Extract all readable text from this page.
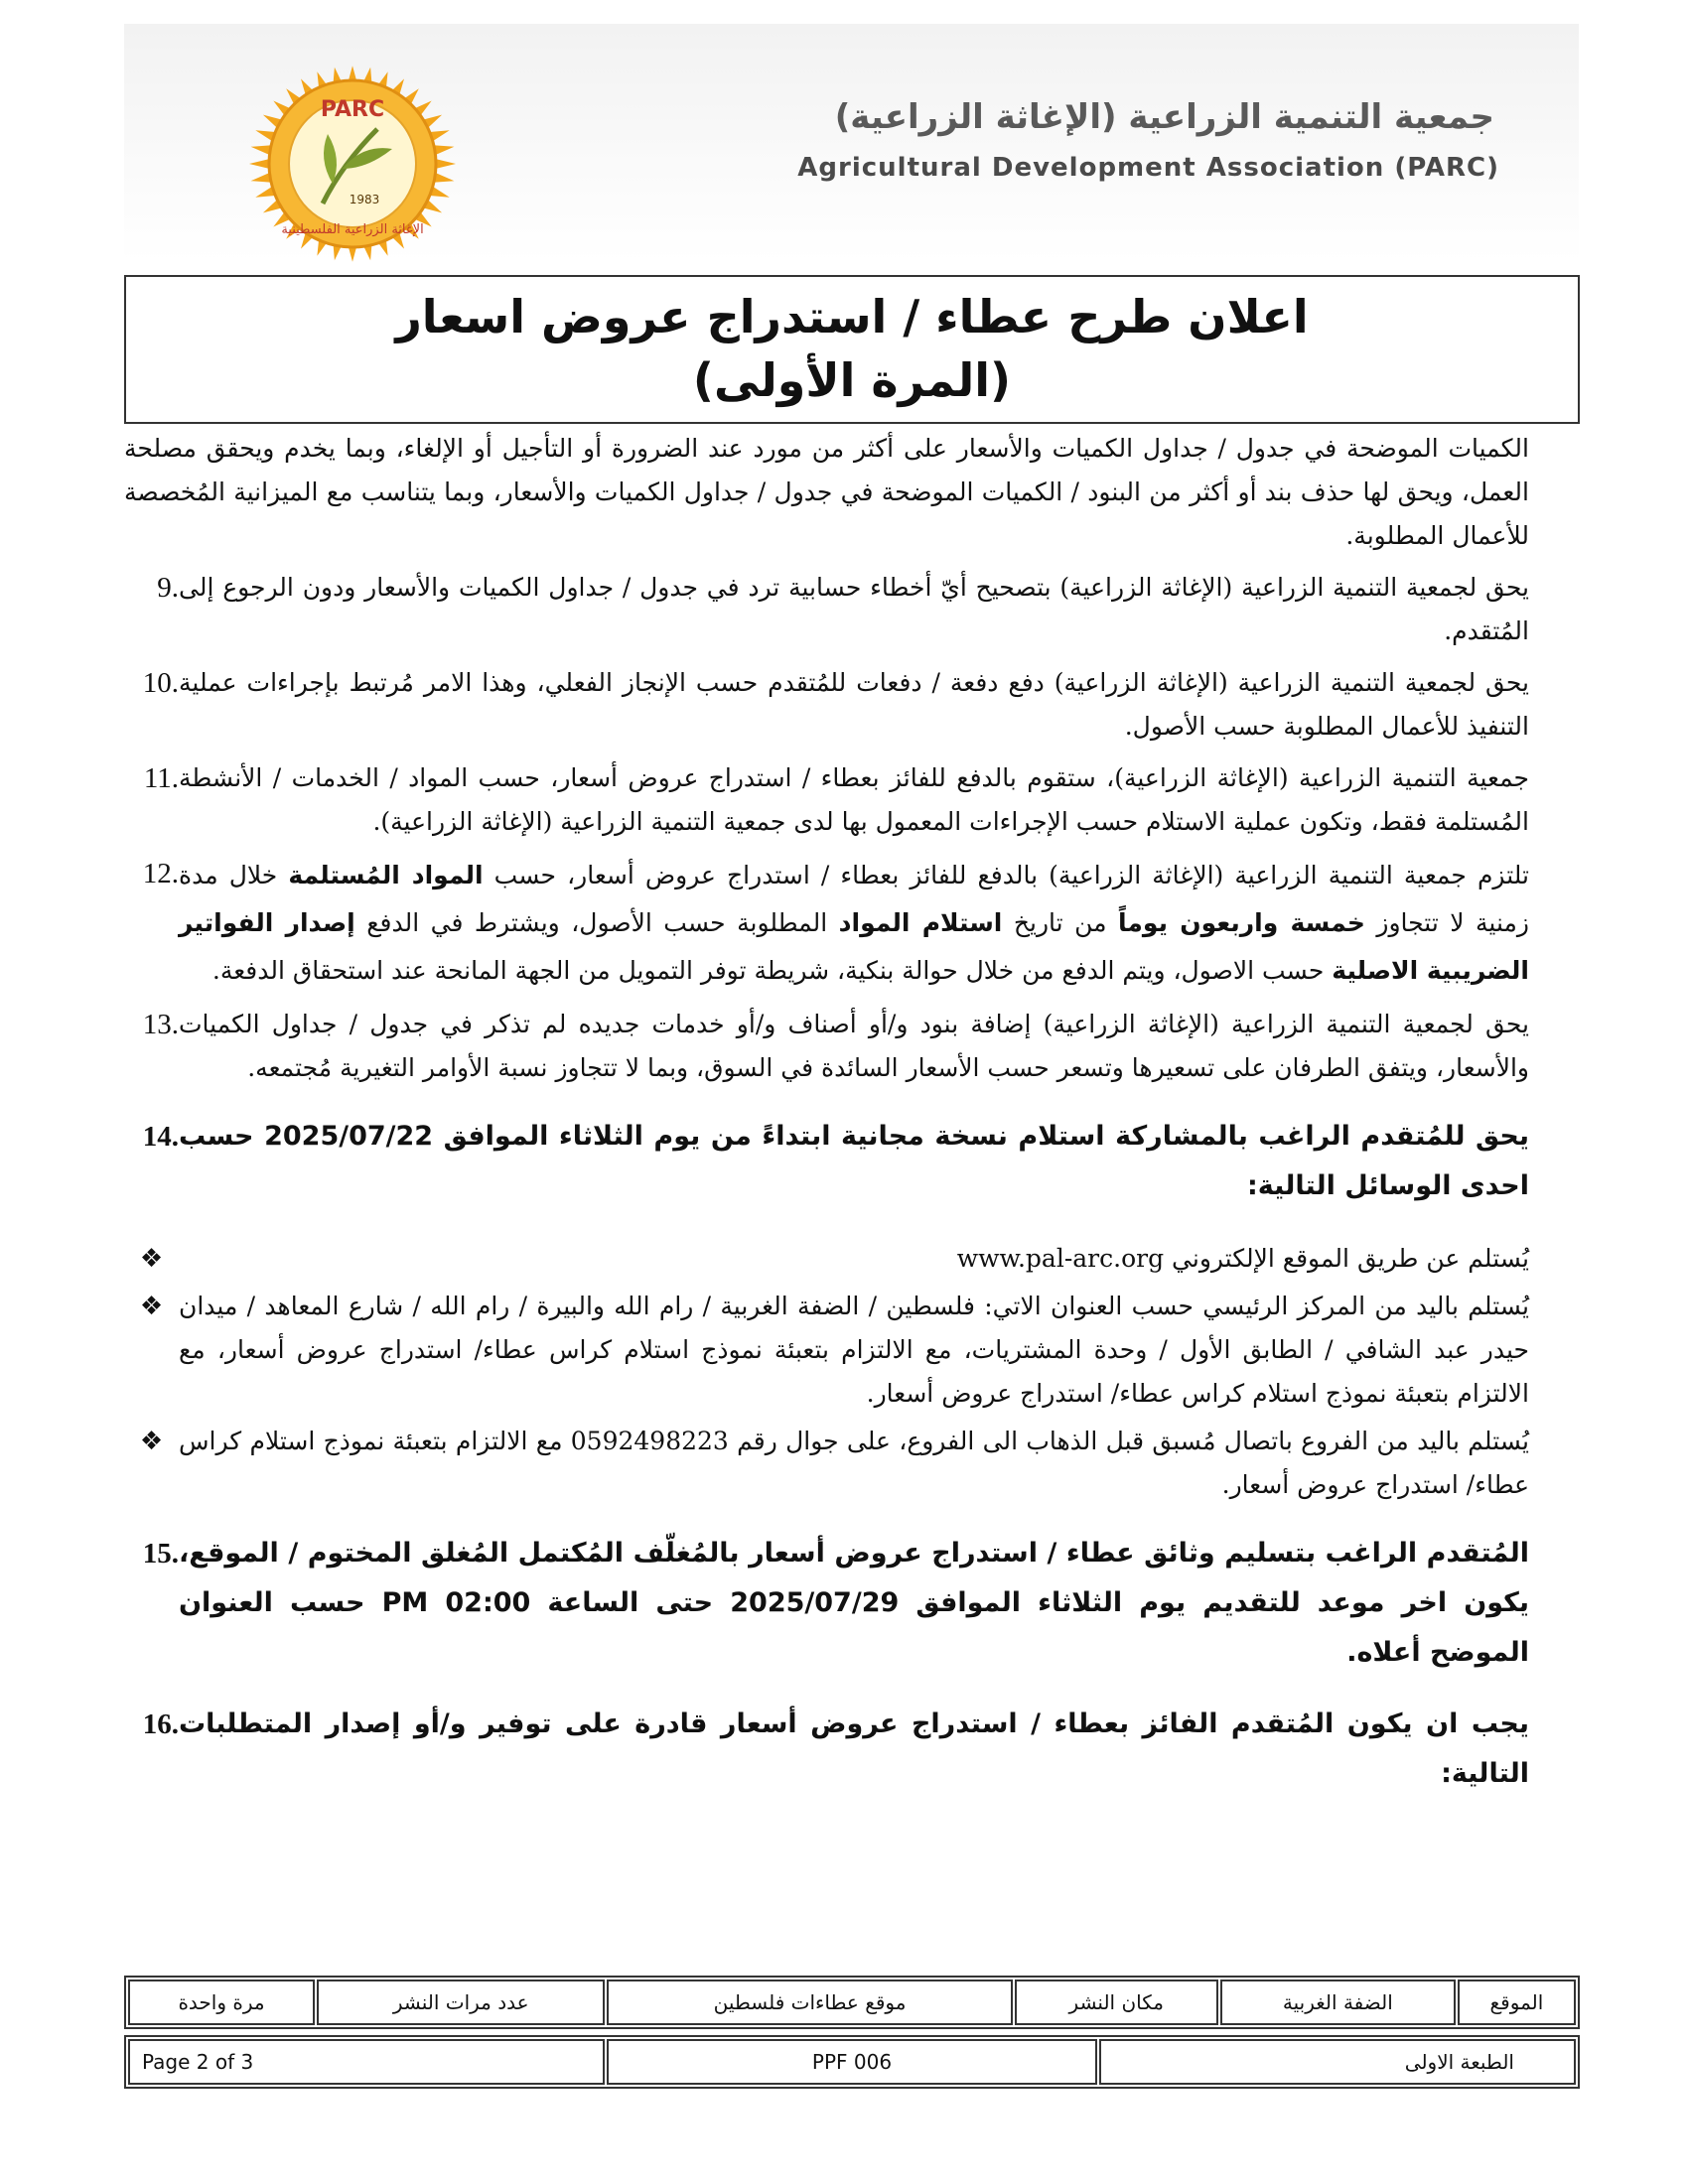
PARC
1983
الإغاثة الزراعية الفلسطينية
جمعية التنمية الزراعية (الإغاثة الزراعية)
Agricultural Development Association (PARC)
اعلان طرح عطاء / استدراج عروض اسعار
(المرة الأولى)

الكميات الموضحة في جدول / جداول الكميات والأسعار على أكثر من مورد عند الضرورة أو التأجيل أو الإلغاء، وبما يخدم ويحقق مصلحة العمل، ويحق لها حذف بند أو أكثر من البنود / الكميات الموضحة في جدول / جداول الكميات والأسعار، وبما يتناسب مع الميزانية المُخصصة للأعمال المطلوبة.

يحق لجمعية التنمية الزراعية (الإغاثة الزراعية) بتصحيح أيّ أخطاء حسابية ترد في جدول / جداول الكميات والأسعار ودون الرجوع إلى المُتقدم.
9.
يحق لجمعية التنمية الزراعية (الإغاثة الزراعية) دفع دفعة / دفعات للمُتقدم حسب الإنجاز الفعلي، وهذا الامر مُرتبط بإجراءات عملية التنفيذ للأعمال المطلوبة حسب الأصول.
10.
جمعية التنمية الزراعية (الإغاثة الزراعية)، ستقوم بالدفع للفائز بعطاء / استدراج عروض أسعار، حسب المواد / الخدمات / الأنشطة المُستلمة فقط، وتكون عملية الاستلام حسب الإجراءات المعمول بها لدى جمعية التنمية الزراعية (الإغاثة الزراعية).
11.
تلتزم جمعية التنمية الزراعية (الإغاثة الزراعية) بالدفع للفائز بعطاء / استدراج عروض أسعار، حسب المواد المُستلمة خلال مدة زمنية لا تتجاوز خمسة واربعون يوماً من تاريخ استلام المواد المطلوبة حسب الأصول، ويشترط في الدفع إصدار الفواتير الضريبية الاصلية حسب الاصول، ويتم الدفع من خلال حوالة بنكية، شريطة توفر التمويل من الجهة المانحة عند استحقاق الدفعة.
12.
يحق لجمعية التنمية الزراعية (الإغاثة الزراعية) إضافة بنود و/أو أصناف و/أو خدمات جديده لم تذكر في جدول / جداول الكميات والأسعار، ويتفق الطرفان على تسعيرها وتسعر حسب الأسعار السائدة في السوق، وبما لا تتجاوز نسبة الأوامر التغيرية مُجتمعه.
13.
يحق للمُتقدم الراغب بالمشاركة استلام نسخة مجانية ابتداءً من يوم الثلاثاء الموافق 2025/07/22 حسب احدى الوسائل التالية:
14.
يُستلم عن طريق الموقع الإلكتروني www.pal-arc.org
❖
يُستلم باليد من المركز الرئيسي حسب العنوان الاتي: فلسطين / الضفة الغربية / رام الله والبيرة / رام الله / شارع المعاهد / ميدان حيدر عبد الشافي / الطابق الأول / وحدة المشتريات، مع الالتزام بتعبئة نموذج استلام كراس عطاء/ استدراج عروض أسعار، مع الالتزام بتعبئة نموذج استلام كراس عطاء/ استدراج عروض أسعار.
❖
يُستلم باليد من الفروع باتصال مُسبق قبل الذهاب الى الفروع، على جوال رقم 0592498223 مع الالتزام بتعبئة نموذج استلام كراس عطاء/ استدراج عروض أسعار.
❖
المُتقدم الراغب بتسليم وثائق عطاء / استدراج عروض أسعار بالمُغلّف المُكتمل المُغلق المختوم / الموقع، يكون اخر موعد للتقديم يوم الثلاثاء الموافق 2025/07/29 حتى الساعة 02:00 PM حسب العنوان الموضح أعلاه.
15.
يجب ان يكون المُتقدم الفائز بعطاء / استدراج عروض أسعار قادرة على توفير و/أو إصدار المتطلبات التالية:
16.
مرة واحدة	عدد مرات النشر	موقع عطاءات فلسطين	مكان النشر	الضفة الغربية	الموقع
Page 2 of 3	PPF 006	الطبعة الاولى
